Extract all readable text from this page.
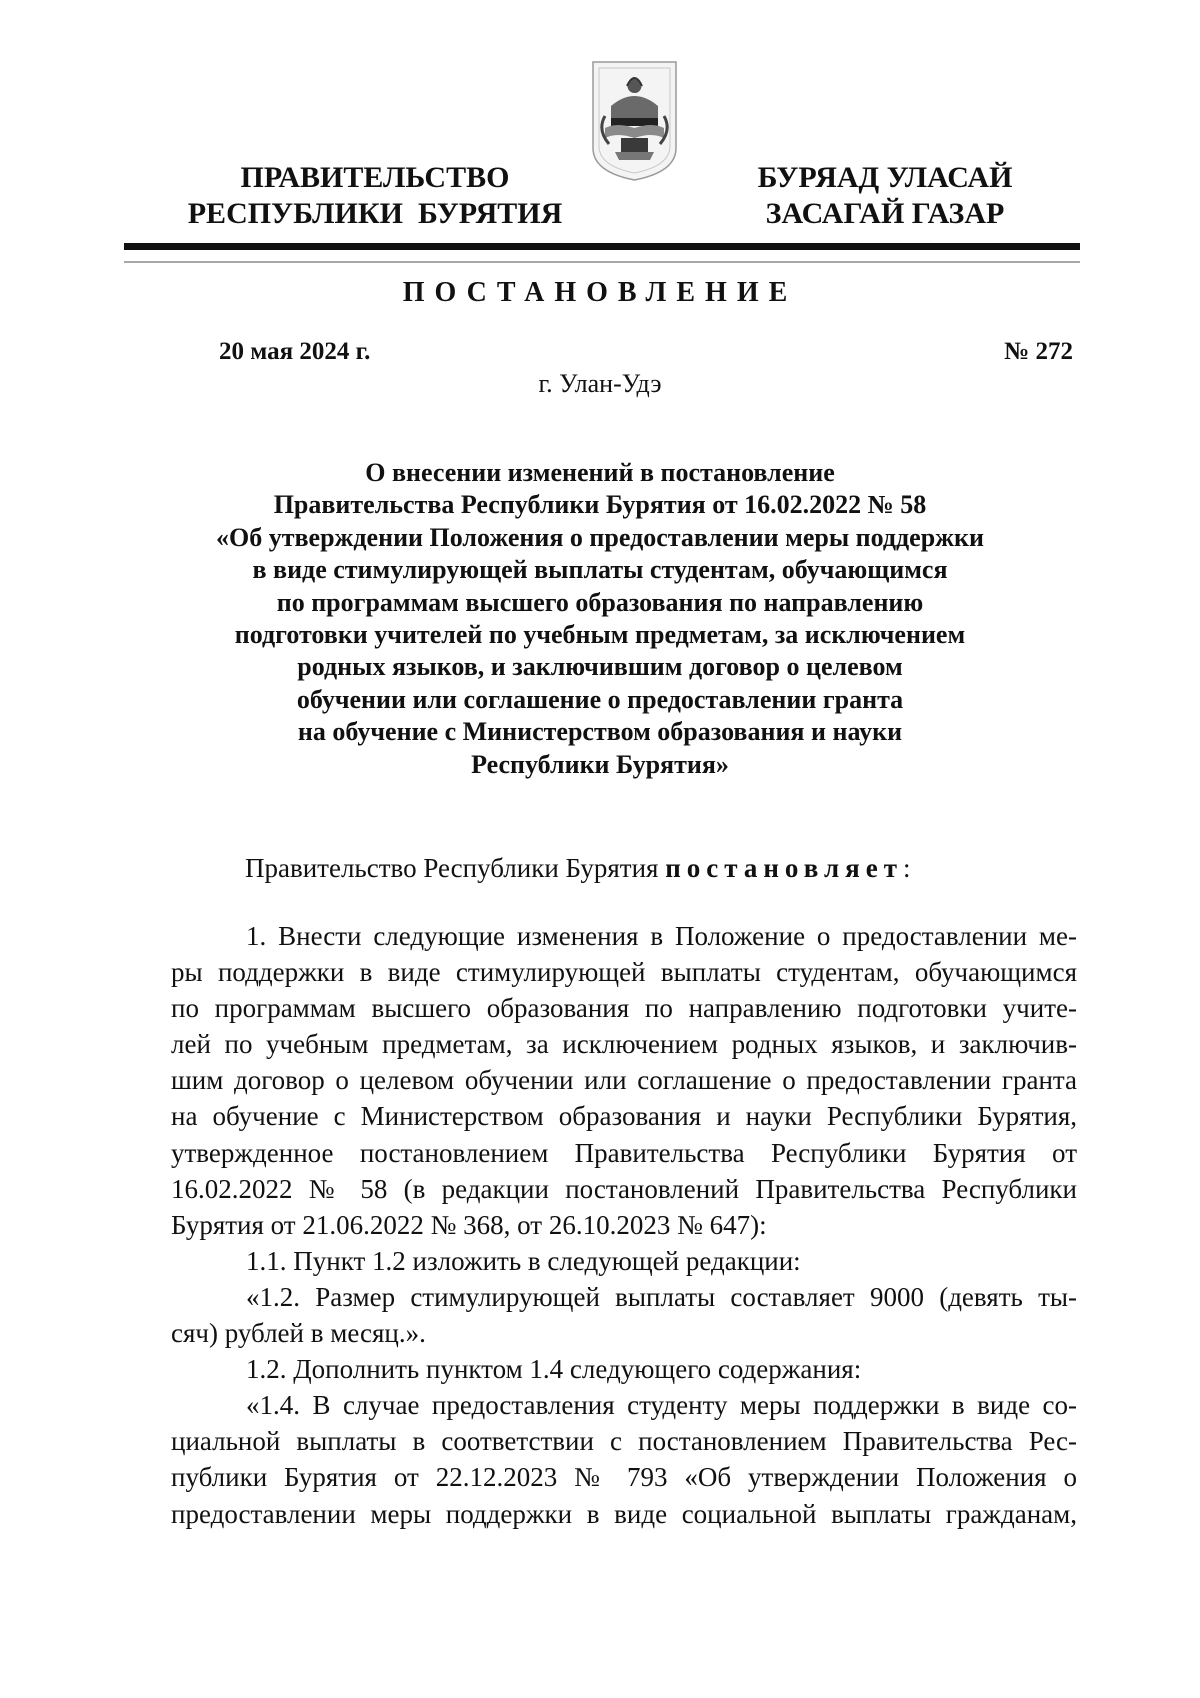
ПРАВИТЕЛЬСТВО
РЕСПУБЛИКИ  БУРЯТИЯ
БУРЯАД УЛАСАЙ
ЗАСАГАЙ ГАЗАР
ПОСТАНОВЛЕНИЕ
20 мая 2024 г.	№ 272
г. Улан-Удэ
О внесении изменений в постановление
Правительства Республики Бурятия от 16.02.2022 № 58
«Об утверждении Положения о предоставлении меры поддержки
в виде стимулирующей выплаты студентам, обучающимся
по программам высшего образования по направлению
подготовки учителей по учебным предметам, за исключением
родных языков, и заключившим договор о целевом
обучении или соглашение о предоставлении гранта
на обучение с Министерством образования и науки
Республики Бурятия»
Правительство Республики Бурятия постановляет:
1. Внести следующие изменения в Положение о предоставлении ме-
ры поддержки в виде стимулирующей выплаты студентам, обучающимся
по программам высшего образования по направлению подготовки учите-
лей по учебным предметам, за исключением родных языков, и заключив-
шим договор о целевом обучении или соглашение о предоставлении гранта
на обучение с Министерством образования и науки Республики Бурятия,
утвержденное постановлением Правительства Республики Бурятия от
16.02.2022 № 58 (в редакции постановлений Правительства Республики
Бурятия от 21.06.2022 № 368, от 26.10.2023 № 647):
1.1. Пункт 1.2 изложить в следующей редакции:
«1.2. Размер стимулирующей выплаты составляет 9000 (девять ты-
сяч) рублей в месяц.».
1.2. Дополнить пунктом 1.4 следующего содержания:
«1.4. В случае предоставления студенту меры поддержки в виде со-
циальной выплаты в соответствии с постановлением Правительства Рес-
публики Бурятия от 22.12.2023 № 793 «Об утверждении Положения о
предоставлении меры поддержки в виде социальной выплаты гражданам,
